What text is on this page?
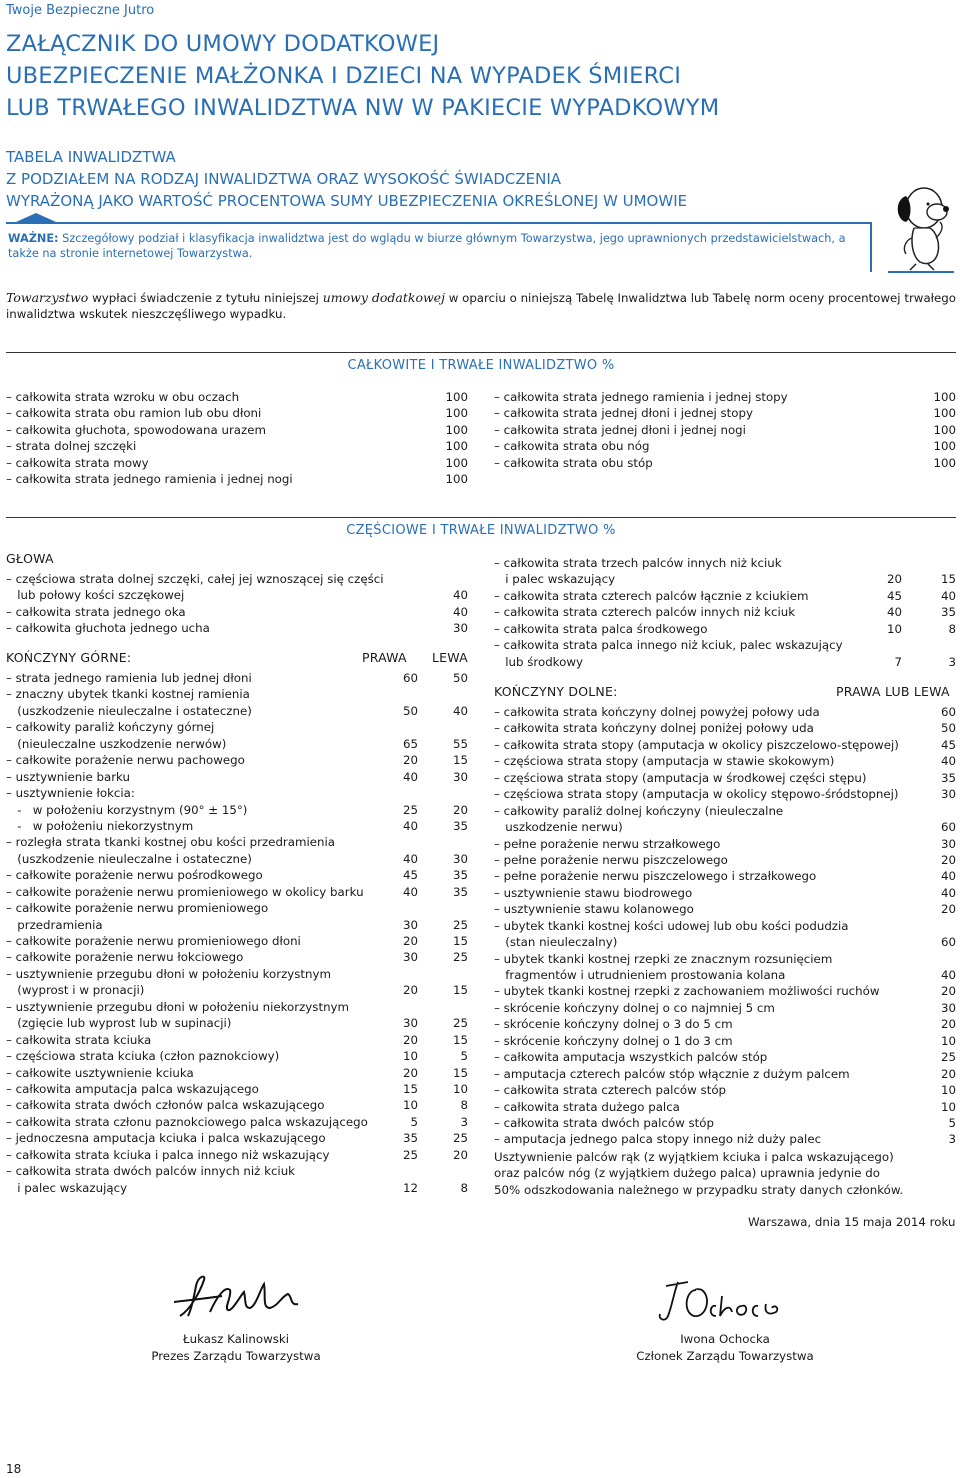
Twoje Bezpieczne Jutro
ZAŁĄCZNIK DO UMOWY DODATKOWEJ
UBEZPIECZENIE MAŁŻONKA I DZIECI NA WYPADEK ŚMIERCI
LUB TRWAŁEGO INWALIDZTWA NW W PAKIECIE WYPADKOWYM
TABELA INWALIDZTWA
Z PODZIAŁEM NA RODZAJ INWALIDZTWA ORAZ WYSOKOŚĆ ŚWIADCZENIA
WYRAŻONĄ JAKO WARTOŚĆ PROCENTOWA SUMY UBEZPIECZENIA OKREŚLONEJ W UMOWIE
WAŻNE: Szczegółowy podział i klasyfikacja inwalidztwa jest do wglądu w biurze głównym Towarzystwa, jego uprawnionych przedstawicielstwach, a także na stronie internetowej Towarzystwa.
Towarzystwo wypłaci świadczenie z tytułu niniejszej umowy dodatkowej w oparciu o niniejszą Tabelę Inwalidztwa lub Tabelę norm oceny procentowej trwałego inwalidztwa wskutek nieszczęśliwego wypadku.
CAŁKOWITE I TRWAŁE INWALIDZTWO %
– całkowita strata wzroku w obu oczach	100
– całkowita strata obu ramion lub obu dłoni	100
– całkowita głuchota, spowodowana urazem	100
– strata dolnej szczęki	100
– całkowita strata mowy	100
– całkowita strata jednego ramienia i jednej nogi	100
– całkowita strata jednego ramienia i jednej stopy	100
– całkowita strata jednej dłoni i jednej stopy	100
– całkowita strata jednej dłoni i jednej nogi	100
– całkowita strata obu nóg	100
– całkowita strata obu stóp	100
CZĘŚCIOWE I TRWAŁE INWALIDZTWO %
GŁOWA
– częściowa strata dolnej szczęki, całej jej wznoszącej się części
lub połowy kości szczękowej	40
– całkowita strata jednego oka	40
– całkowita głuchota jednego ucha	30
KOŃCZYNY GÓRNE:	PRAWA LEWA
– strata jednego ramienia lub jednej dłoni	60	50
– znaczny ubytek tkanki kostnej ramienia
(uszkodzenie nieuleczalne i ostateczne)	50	40
– całkowity paraliż kończyny górnej
(nieuleczalne uszkodzenie nerwów)	65	55
– całkowite porażenie nerwu pachowego	20	15
– usztywnienie barku	40	30
– usztywnienie łokcia:
-   w położeniu korzystnym (90° ± 15°)	25	20
-   w położeniu niekorzystnym	40	35
– rozległa strata tkanki kostnej obu kości przedramienia
(uszkodzenie nieuleczalne i ostateczne)	40	30
– całkowite porażenie nerwu pośrodkowego	45	35
– całkowite porażenie nerwu promieniowego w okolicy barku	40	35
– całkowite porażenie nerwu promieniowego
przedramienia	30	25
– całkowite porażenie nerwu promieniowego dłoni	20	15
– całkowite porażenie nerwu łokciowego	30	25
– usztywnienie przegubu dłoni w położeniu korzystnym
(wyprost i w pronacji)	20	15
– usztywnienie przegubu dłoni w położeniu niekorzystnym
(zgięcie lub wyprost lub w supinacji)	30	25
– całkowita strata kciuka	20	15
– częściowa strata kciuka (człon paznokciowy)	10	5
– całkowite usztywnienie kciuka	20	15
– całkowita amputacja palca wskazującego	15	10
– całkowita strata dwóch członów palca wskazującego	10	8
– całkowita strata członu paznokciowego palca wskazującego	5	3
– jednoczesna amputacja kciuka i palca wskazującego	35	25
– całkowita strata kciuka i palca innego niż wskazujący	25	20
– całkowita strata dwóch palców innych niż kciuk
i palec wskazujący	12	8
– całkowita strata trzech palców innych niż kciuk
i palec wskazujący	20	15
– całkowita strata czterech palców łącznie z kciukiem	45	40
– całkowita strata czterech palców innych niż kciuk	40	35
– całkowita strata palca środkowego	10	8
– całkowita strata palca innego niż kciuk, palec wskazujący
lub środkowy	7	3
KOŃCZYNY DOLNE:	PRAWA LUB LEWA
– całkowita strata kończyny dolnej powyżej połowy uda	60
– całkowita strata kończyny dolnej poniżej połowy uda	50
– całkowita strata stopy (amputacja w okolicy piszczelowo-stępowej)	45
– częściowa strata stopy (amputacja w stawie skokowym)	40
– częściowa strata stopy (amputacja w środkowej części stępu)	35
– częściowa strata stopy (amputacja w okolicy stępowo-śródstopnej)	30
– całkowity paraliż dolnej kończyny (nieuleczalne
uszkodzenie nerwu)	60
– pełne porażenie nerwu strzałkowego	30
– pełne porażenie nerwu piszczelowego	20
– pełne porażenie nerwu piszczelowego i strzałkowego	40
– usztywnienie stawu biodrowego	40
– usztywnienie stawu kolanowego	20
– ubytek tkanki kostnej kości udowej lub obu kości podudzia
(stan nieuleczalny)	60
– ubytek tkanki kostnej rzepki ze znacznym rozsunięciem
fragmentów i utrudnieniem prostowania kolana	40
– ubytek tkanki kostnej rzepki z zachowaniem możliwości ruchów	20
– skrócenie kończyny dolnej o co najmniej 5 cm	30
– skrócenie kończyny dolnej o 3 do 5 cm	20
– skrócenie kończyny dolnej o 1 do 3 cm	10
– całkowita amputacja wszystkich palców stóp	25
– amputacja czterech palców stóp włącznie z dużym palcem	20
– całkowita strata czterech palców stóp	10
– całkowita strata dużego palca	10
– całkowita strata dwóch palców stóp	5
– amputacja jednego palca stopy innego niż duży palec	3
Usztywnienie palców rąk (z wyjątkiem kciuka i palca wskazującego)
oraz palców nóg (z wyjątkiem dużego palca) uprawnia jedynie do
50% odszkodowania należnego w przypadku straty danych członków.
Warszawa, dnia 15 maja 2014 roku
Łukasz Kalinowski
Prezes Zarządu Towarzystwa
Iwona Ochocka
Członek Zarządu Towarzystwa
18
